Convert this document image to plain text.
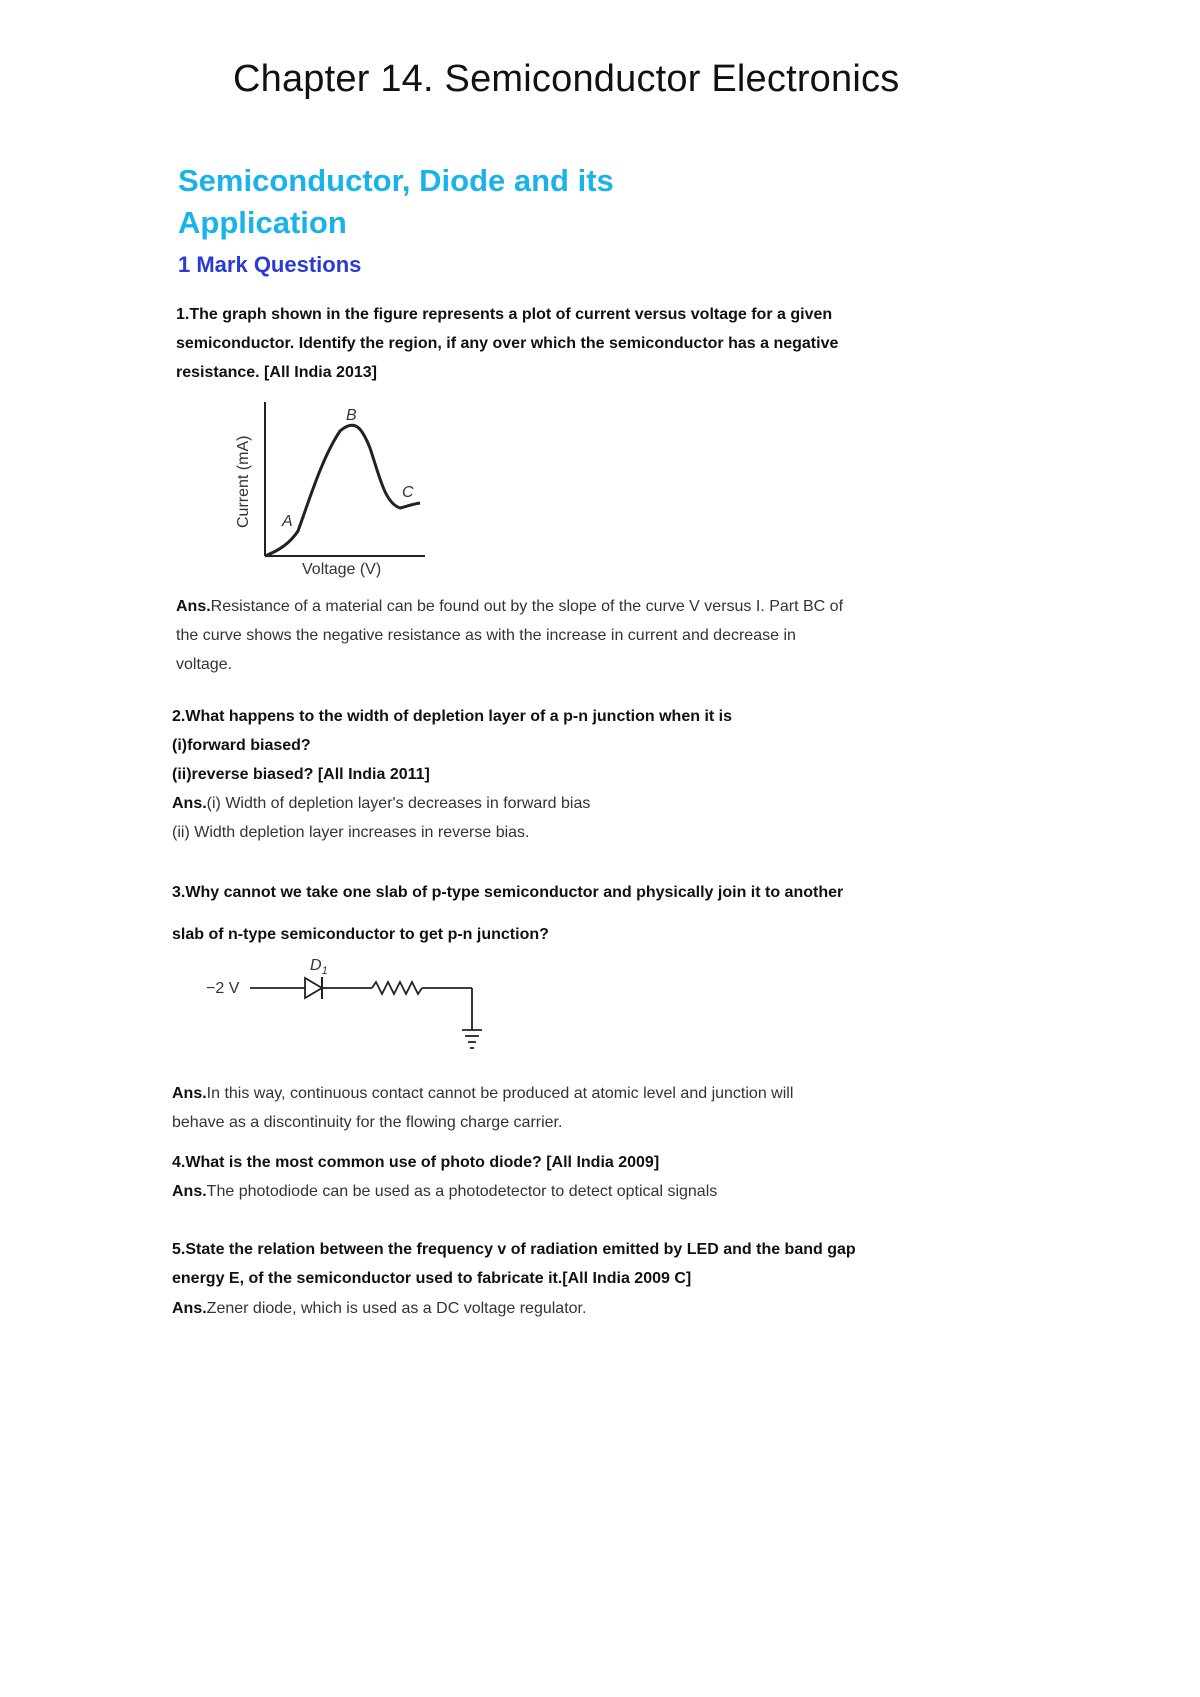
Chapter 14. Semiconductor Electronics
Semiconductor, Diode and its
Application
1 Mark Questions
1.The graph shown in the figure represents a plot of current versus voltage for a given
semiconductor. Identify the region, if any over which the semiconductor has a negative
resistance. [All India 2013]
Current (mA)
Voltage (V)
A
B
C
Ans.Resistance of a material can be found out by the slope of the curve V versus I. Part BC of
the curve shows the negative resistance as with the increase in current and decrease in
voltage.
2.What happens to the width of depletion layer of a p-n junction when it is
(i)forward biased?
(ii)reverse biased? [All India 2011]
Ans.(i) Width of depletion layer's decreases in forward bias
(ii) Width depletion layer increases in reverse bias.
3.Why cannot we take one slab of p-type semiconductor and physically join it to another
slab of n-type semiconductor to get p-n junction?
−2 V
$D_1$
Ans.In this way, continuous contact cannot be produced at atomic level and junction will
behave as a discontinuity for the flowing charge carrier.
4.What is the most common use of photo diode? [All India 2009]
Ans.The photodiode can be used as a photodetector to detect optical signals
5.State the relation between the frequency v of radiation emitted by LED and the band gap
energy E, of the semiconductor used to fabricate it.[All India 2009 C]
Ans.Zener diode, which is used as a DC voltage regulator.
